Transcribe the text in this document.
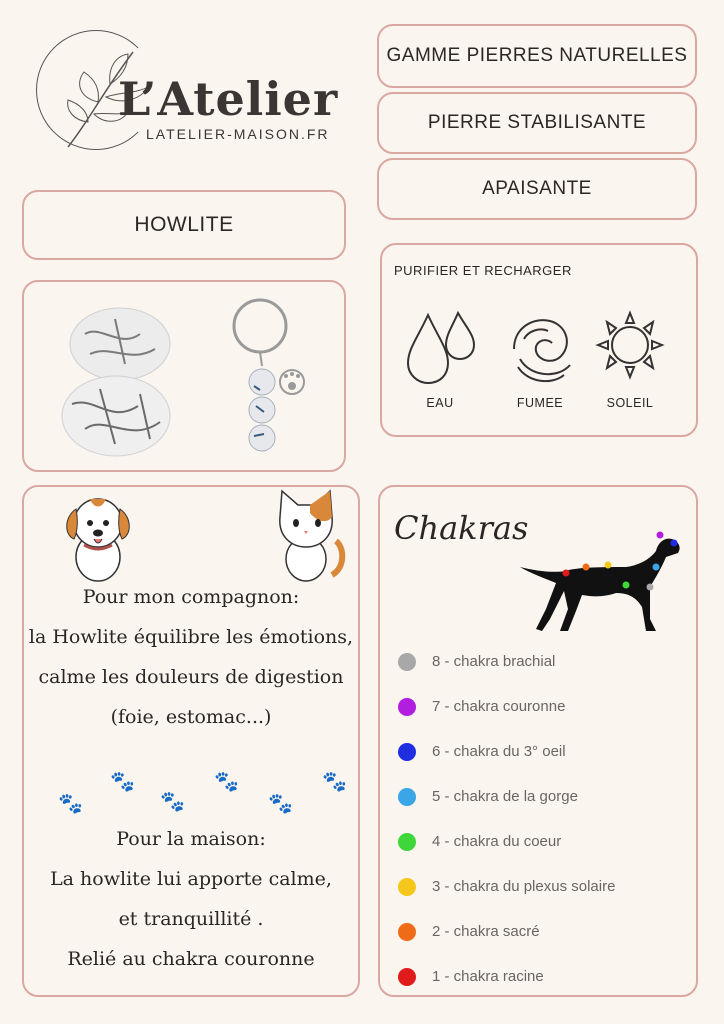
L’Atelier
LATELIER-MAISON.FR
GAMME PIERRES NATURELLES
PIERRE STABILISANTE
APAISANTE
HOWLITE
PURIFIER ET RECHARGER
EAU	FUMEE	SOLEIL
Pour mon compagnon:
la Howlite équilibre les émotions,
calme les douleurs de digestion
(foie, estomac...)
🐾
🐾
🐾
🐾
🐾
🐾
Pour la maison:
La howlite lui apporte calme,
et tranquillité .
Relié au chakra couronne
Chakras
8 - chakra brachial
7 - chakra couronne
6 - chakra du 3° oeil
5 - chakra de la gorge
4 - chakra du coeur
3 - chakra du plexus solaire
2 - chakra sacré
1 - chakra racine
